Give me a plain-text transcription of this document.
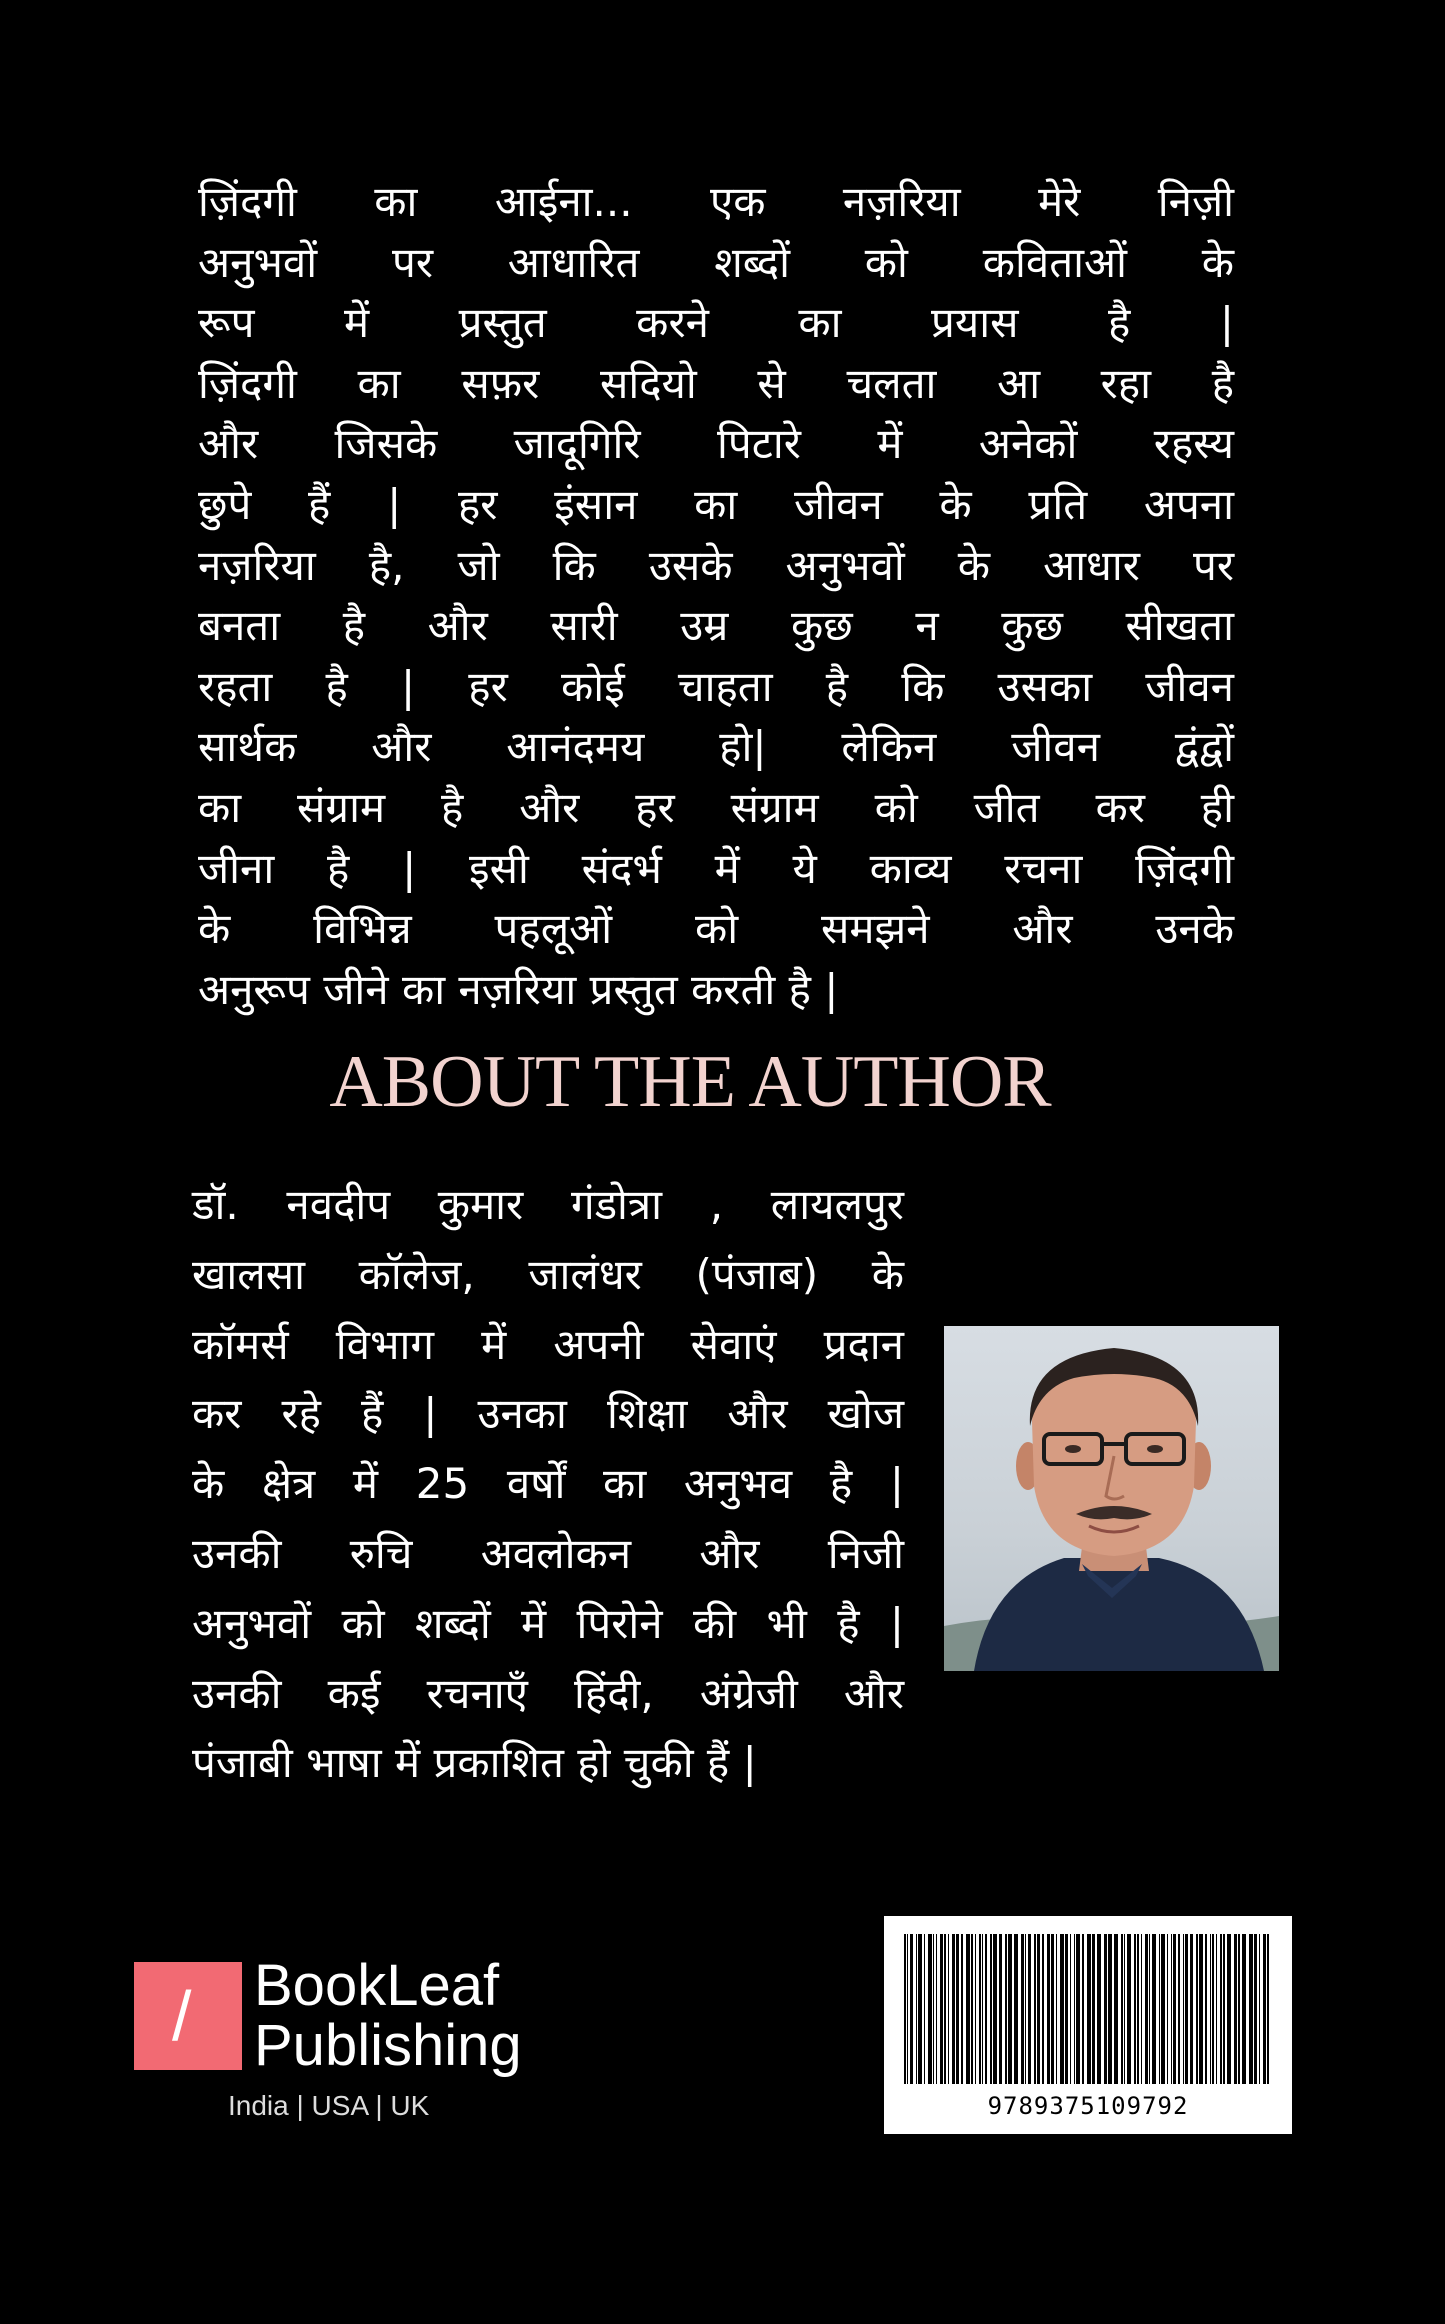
ज़िंदगी का आईना... एक नज़रिया मेरे निज़ी
अनुभवों पर आधारित शब्दों को कविताओं के
रूप में प्रस्तुत करने का प्रयास है |
ज़िंदगी का सफ़र सदियो से चलता आ रहा है
और जिसके जादूगिरि पिटारे में अनेकों रहस्य
छुपे हैं | हर इंसान का जीवन के प्रति अपना
नज़रिया है, जो कि उसके अनुभवों के आधार पर
बनता है और सारी उम्र कुछ न कुछ सीखता
रहता है | हर कोई चाहता है कि उसका जीवन
सार्थक और आनंदमय हो| लेकिन जीवन द्वंद्वों
का संग्राम है और हर संग्राम को जीत कर ही
जीना है | इसी संदर्भ में ये काव्य रचना ज़िंदगी
के विभिन्न पहलूओं को समझने और उनके
अनुरूप जीने का नज़रिया प्रस्तुत करती है |
ABOUT THE AUTHOR
डॉ. नवदीप कुमार गंडोत्रा , लायलपुर
खालसा कॉलेज, जालंधर (पंजाब) के
कॉमर्स विभाग में अपनी सेवाएं प्रदान
कर रहे हैं | उनका शिक्षा और खोज
के क्षेत्र में 25 वर्षों का अनुभव है |
उनकी रुचि अवलोकन और निजी
अनुभवों को शब्दों में पिरोने की भी है |
उनकी कई रचनाएँ हिंदी, अंग्रेजी और
पंजाबी भाषा में प्रकाशित हो चुकी हैं |
/ BookLeaf
Publishing
India | USA | UK	9789375109792
